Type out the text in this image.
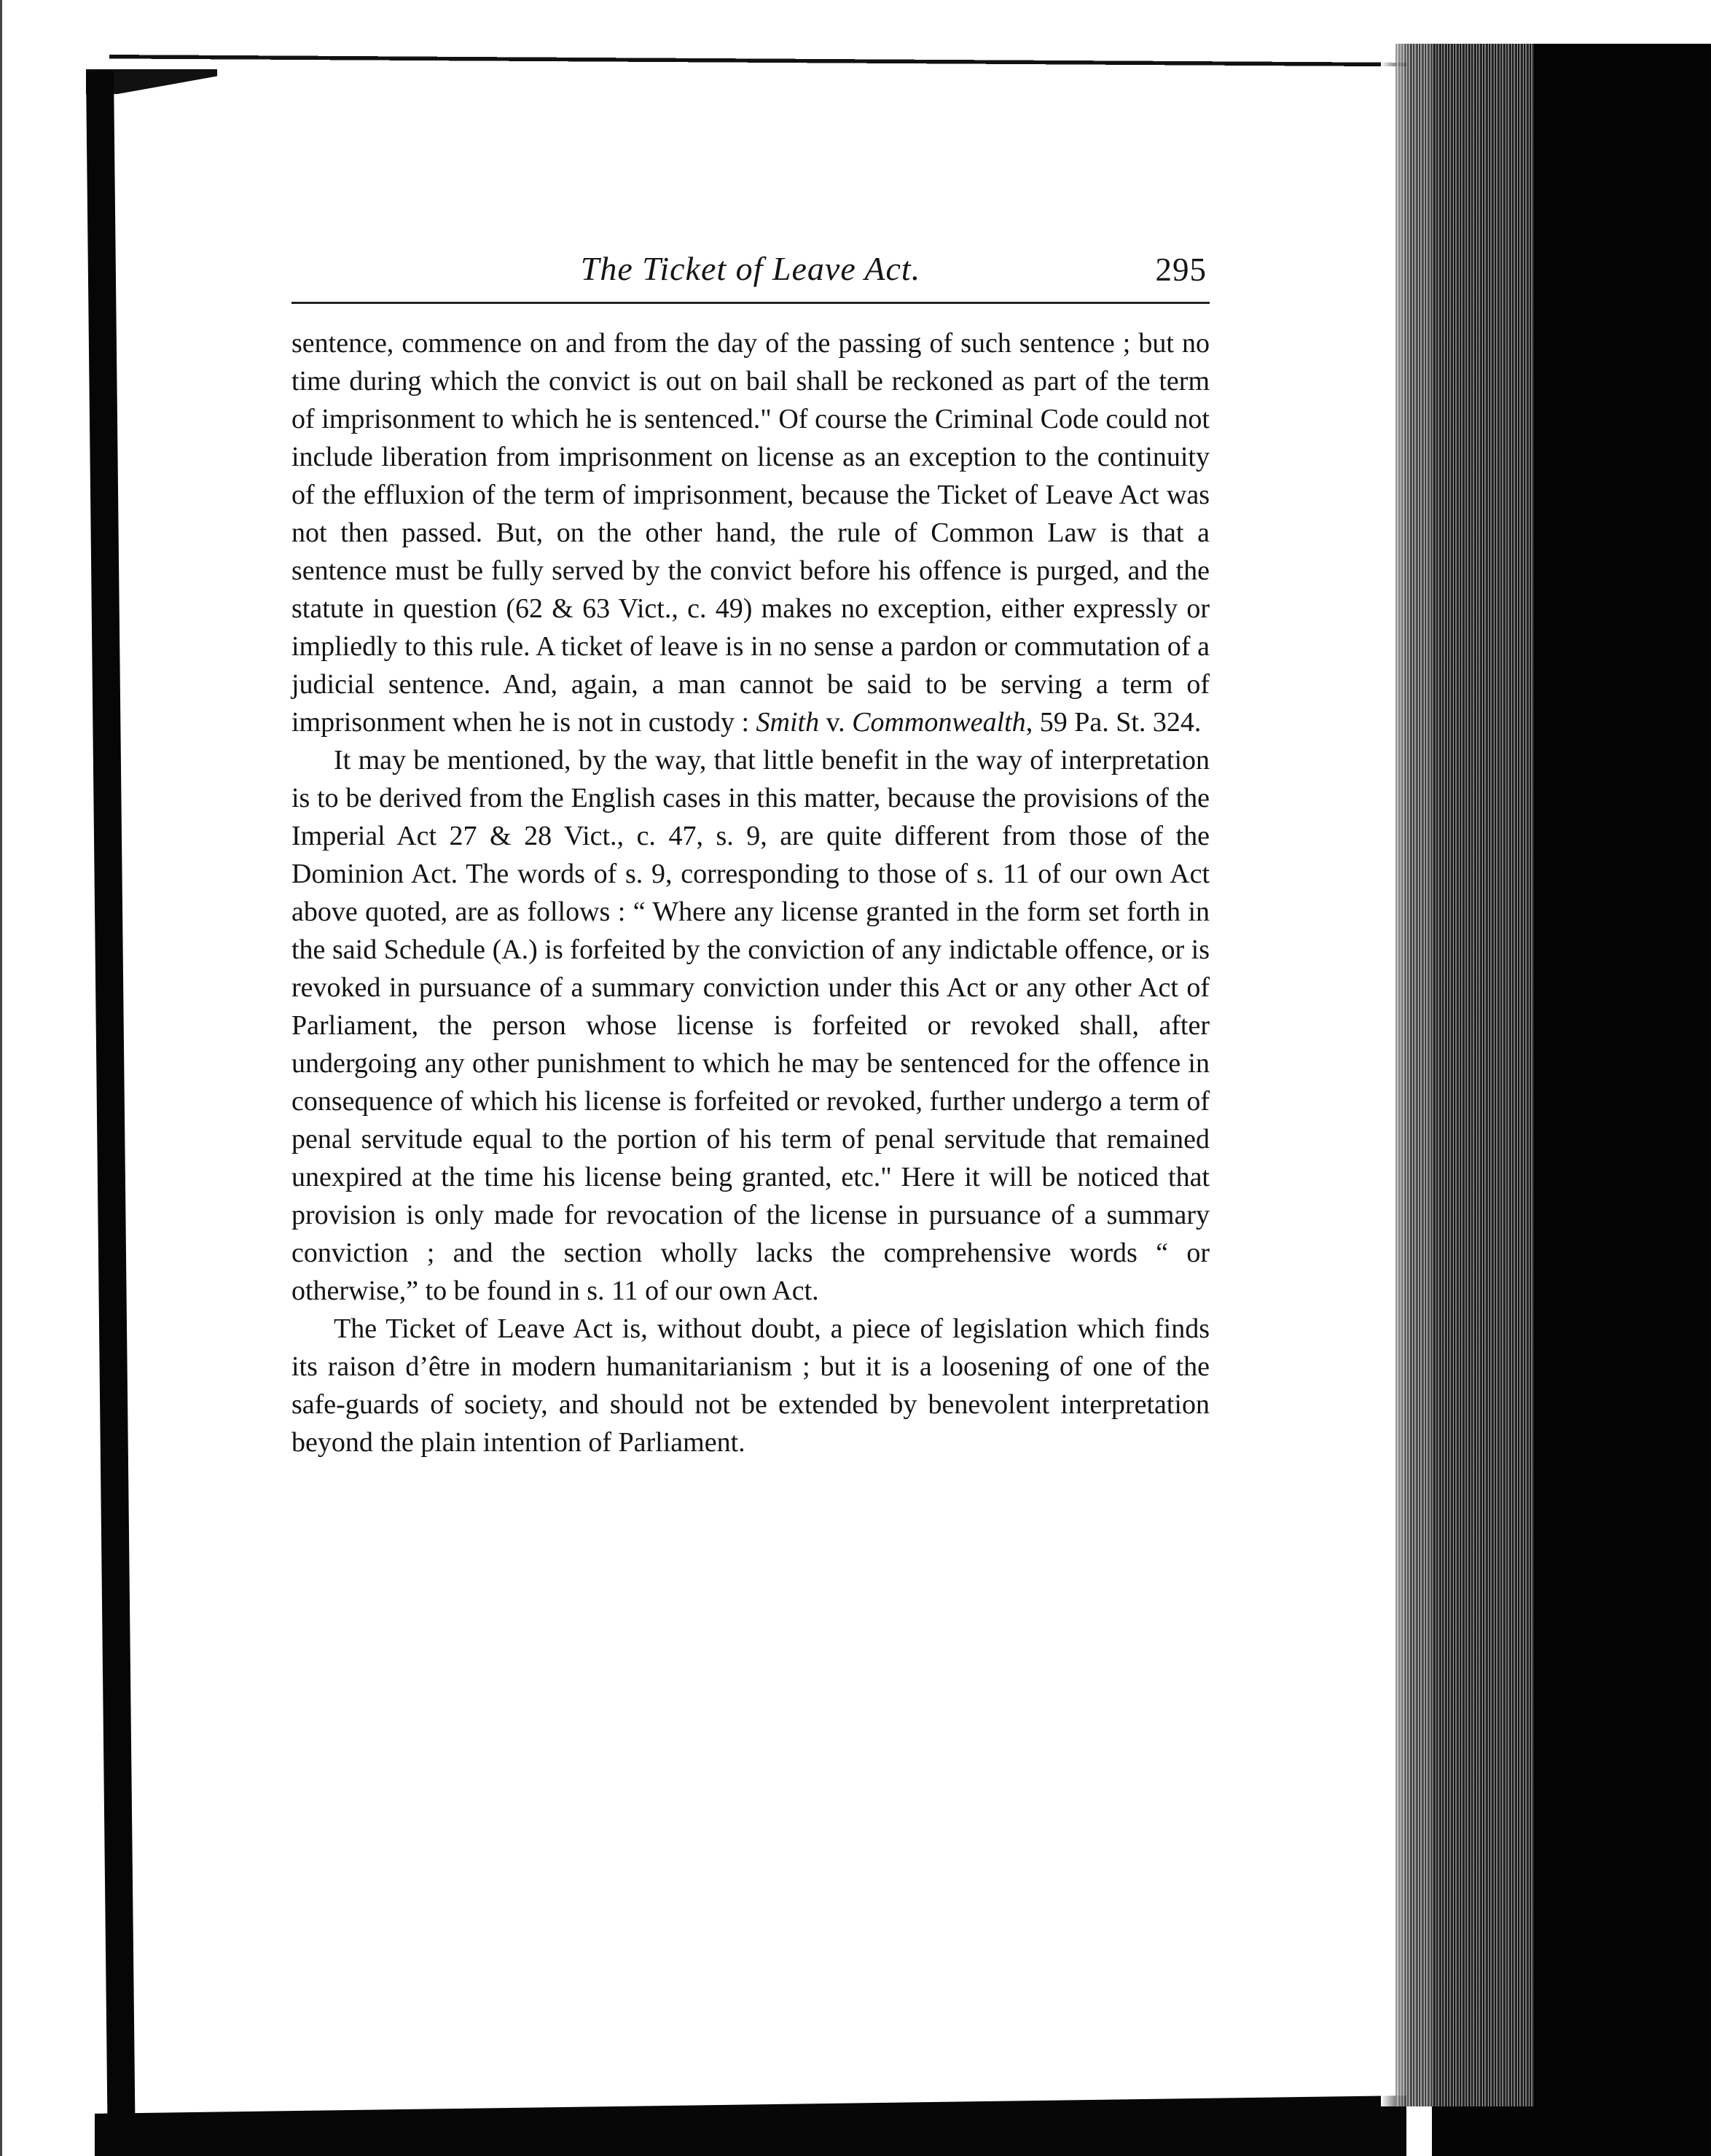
The Ticket of Leave Act.	295

sentence, commence on and from the day of the passing of such sentence ; but no time during which the convict is out on bail shall be reckoned as part of the term of imprisonment to which he is sentenced." Of course the Criminal Code could not include liberation from imprisonment on license as an exception to the continuity of the effluxion of the term of imprisonment, because the Ticket of Leave Act was not then passed. But, on the other hand, the rule of Common Law is that a sentence must be fully served by the convict before his offence is purged, and the statute in question (62 & 63 Vict., c. 49) makes no exception, either expressly or impliedly to this rule. A ticket of leave is in no sense a pardon or commutation of a judicial sentence. And, again, a man cannot be said to be serving a term of imprisonment when he is not in custody : Smith v. Commonwealth, 59 Pa. St. 324.

It may be mentioned, by the way, that little benefit in the way of interpretation is to be derived from the English cases in this matter, because the provisions of the Imperial Act 27 & 28 Vict., c. 47, s. 9, are quite different from those of the Dominion Act. The words of s. 9, corresponding to those of s. 11 of our own Act above quoted, are as follows : “ Where any license granted in the form set forth in the said Schedule (A.) is forfeited by the conviction of any indictable offence, or is revoked in pursuance of a summary conviction under this Act or any other Act of Parliament, the person whose license is forfeited or revoked shall, after undergoing any other punishment to which he may be sentenced for the offence in consequence of which his license is forfeited or revoked, further undergo a term of penal servitude equal to the portion of his term of penal servitude that remained unexpired at the time his license being granted, etc." Here it will be noticed that provision is only made for revocation of the license in pursuance of a summary conviction ; and the section wholly lacks the comprehensive words “ or otherwise,” to be found in s. 11 of our own Act.

The Ticket of Leave Act is, without doubt, a piece of legislation which finds its raison d’être in modern humanitarianism ; but it is a loosening of one of the safe-guards of society, and should not be extended by benevolent interpretation beyond the plain intention of Parliament.
